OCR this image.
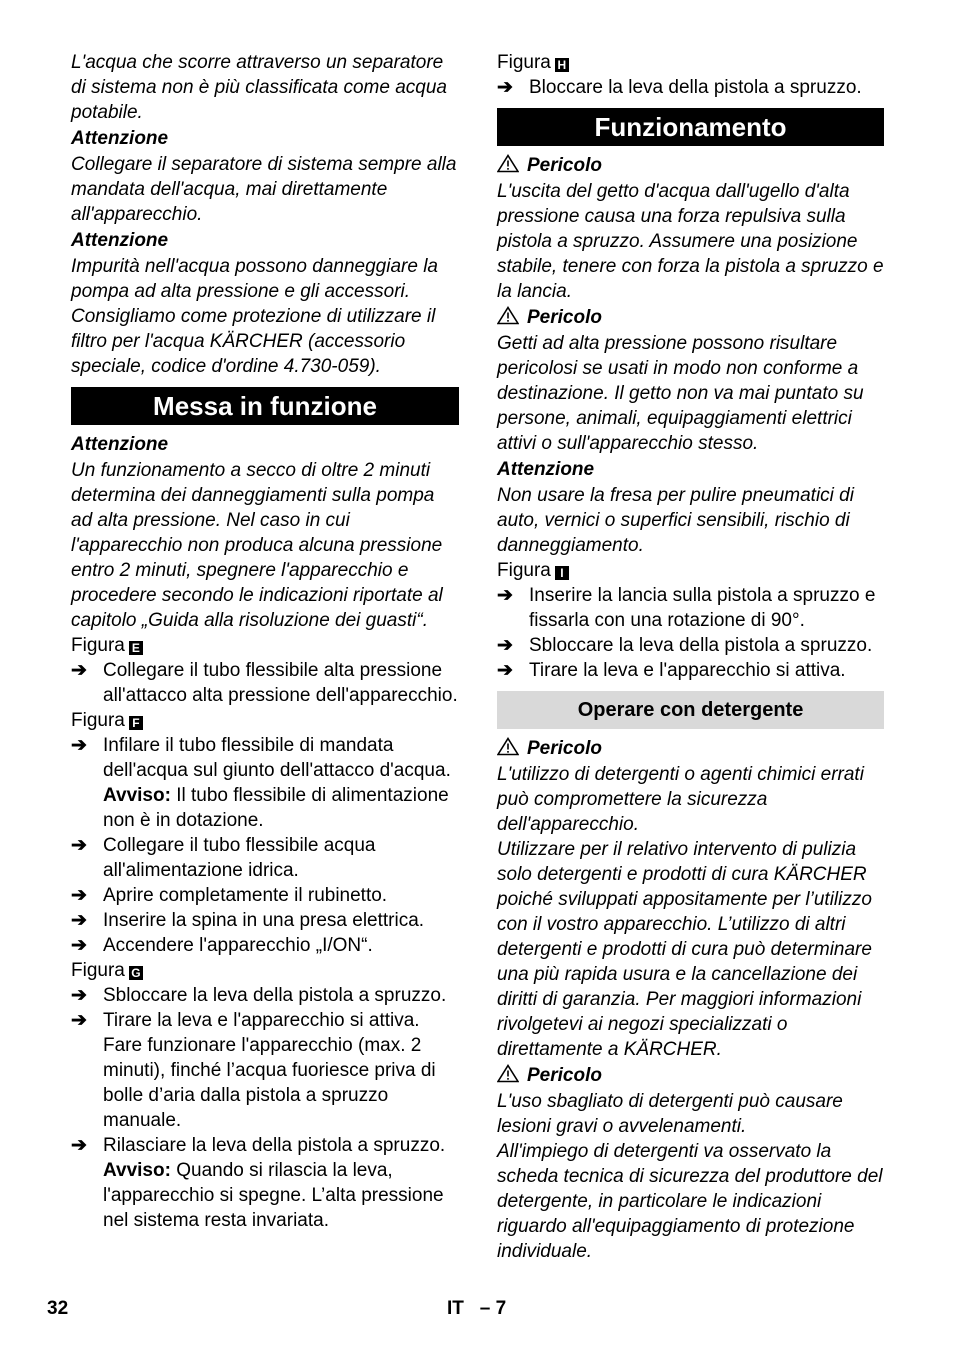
L'acqua che scorre attraverso un separatore di sistema non è più classificata come acqua potabile.

Attenzione

Collegare il separatore di sistema sempre alla mandata dell'acqua, mai direttamente all'apparecchio.

Attenzione

Impurità nell'acqua possono danneggiare la pompa ad alta pressione e gli accessori. Consigliamo come protezione di utilizzare il filtro per l'acqua KÄRCHER (accessorio speciale, codice d'ordine 4.730-059).

Messa in funzione

Attenzione

Un funzionamento a secco di oltre 2 minuti determina dei danneggiamenti sulla pompa ad alta pressione. Nel caso in cui l'apparecchio non produca alcuna pressione entro 2 minuti, spegnere l'apparecchio e procedere secondo le indicazioni riportate al capitolo „Guida alla risoluzione dei guasti“.

Figura E

➔ Collegare il tubo flessibile alta pressione all'attacco alta pressione dell'apparecchio.

Figura F

➔ Infilare il tubo flessibile di mandata dell'acqua sul giunto dell'attacco d'acqua.
Avviso: Il tubo flessibile di alimentazione non è in dotazione.
➔ Collegare il tubo flessibile acqua all'alimentazione idrica.
➔ Aprire completamente il rubinetto.
➔ Inserire la spina in una presa elettrica.
➔ Accendere l'apparecchio „I/ON“.

Figura G

➔ Sbloccare la leva della pistola a spruzzo.
➔ Tirare la leva e l'apparecchio si attiva. Fare funzionare l'apparecchio (max. 2 minuti), finché l’acqua fuoriesce priva di bolle d’aria dalla pistola a spruzzo manuale.
➔ Rilasciare la leva della pistola a spruzzo.
Avviso: Quando si rilascia la leva, l'apparecchio si spegne. L’alta pressione nel sistema resta invariata.

Figura H

➔ Bloccare la leva della pistola a spruzzo.
Funzionamento

Pericolo

L'uscita del getto d'acqua dall'ugello d'alta pressione causa una forza repulsiva sulla pistola a spruzzo. Assumere una posizione stabile, tenere con forza la pistola a spruzzo e la lancia.

Pericolo

Getti ad alta pressione possono risultare pericolosi se usati in modo non conforme a destinazione. Il getto non va mai puntato su persone, animali, equipaggiamenti elettrici attivi o sull'apparecchio stesso.

Attenzione

Non usare la fresa per pulire pneumatici di auto, vernici o superfici sensibili, rischio di danneggiamento.

Figura I

➔ Inserire la lancia sulla pistola a spruzzo e fissarla con una rotazione di 90°.
➔ Sbloccare la leva della pistola a spruzzo.
➔ Tirare la leva e l'apparecchio si attiva.
Operare con detergente

Pericolo

L'utilizzo di detergenti o agenti chimici errati può compromettere la sicurezza dell'apparecchio.

Utilizzare per il relativo intervento di pulizia solo detergenti e prodotti di cura KÄRCHER poiché sviluppati appositamente per l’utilizzo con il vostro apparecchio. L’utilizzo di altri detergenti e prodotti di cura può determinare una più rapida usura e la cancellazione dei diritti di garanzia. Per maggiori informazioni rivolgetevi ai negozi specializzati o direttamente a KÄRCHER.

Pericolo

L'uso sbagliato di detergenti può causare lesioni gravi o avvelenamenti.

All'impiego di detergenti va osservato la scheda tecnica di sicurezza del produttore del detergente, in particolare le indicazioni riguardo all'equipaggiamento di protezione individuale.

32	IT   – 7
